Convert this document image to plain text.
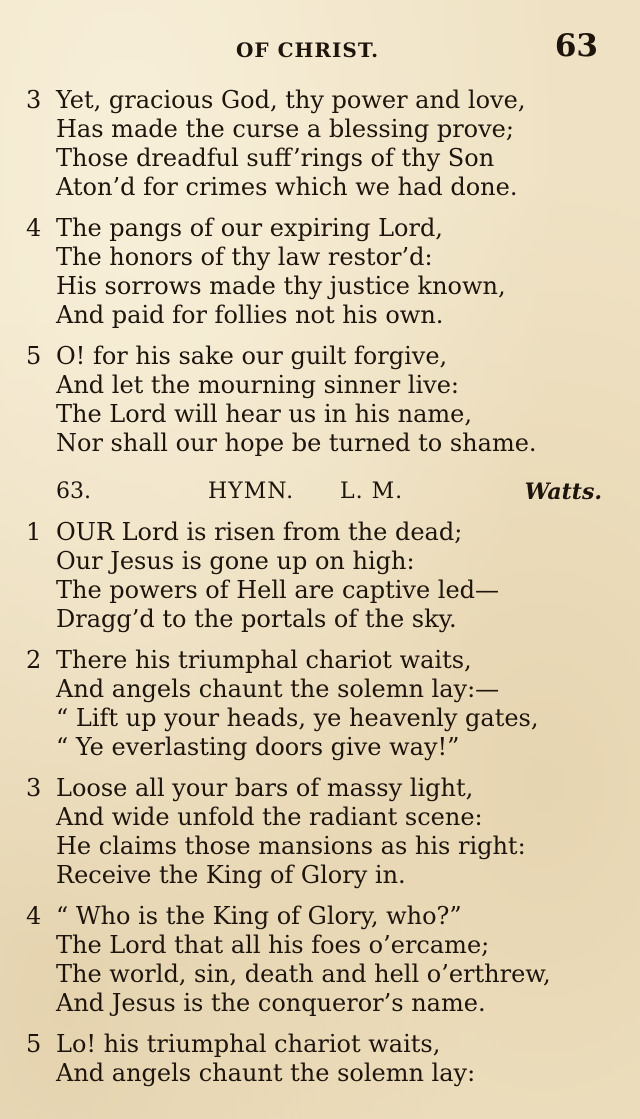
OF CHRIST.	63
3 Yet, gracious God, thy power and love,
Has made the curse a blessing prove;
Those dreadful suff’rings of thy Son
Aton’d for crimes which we had done.
4 The pangs of our expiring Lord,
The honors of thy law restor’d:
His sorrows made thy justice known,
And paid for follies not his own.
5 O! for his sake our guilt forgive,
And let the mourning sinner live:
The Lord will hear us in his name,
Nor shall our hope be turned to shame.
63.	HYMN. L. M.	Watts.
1 OUR Lord is risen from the dead;
Our Jesus is gone up on high:
The powers of Hell are captive led—
Dragg’d to the portals of the sky.
2 There his triumphal chariot waits,
And angels chaunt the solemn lay:—
“ Lift up your heads, ye heavenly gates,
“ Ye everlasting doors give way!”
3 Loose all your bars of massy light,
And wide unfold the radiant scene:
He claims those mansions as his right:
Receive the King of Glory in.
4 “ Who is the King of Glory, who?”
The Lord that all his foes o’ercame;
The world, sin, death and hell o’erthrew,
And Jesus is the conqueror’s name.
5 Lo! his triumphal chariot waits,
And angels chaunt the solemn lay:
